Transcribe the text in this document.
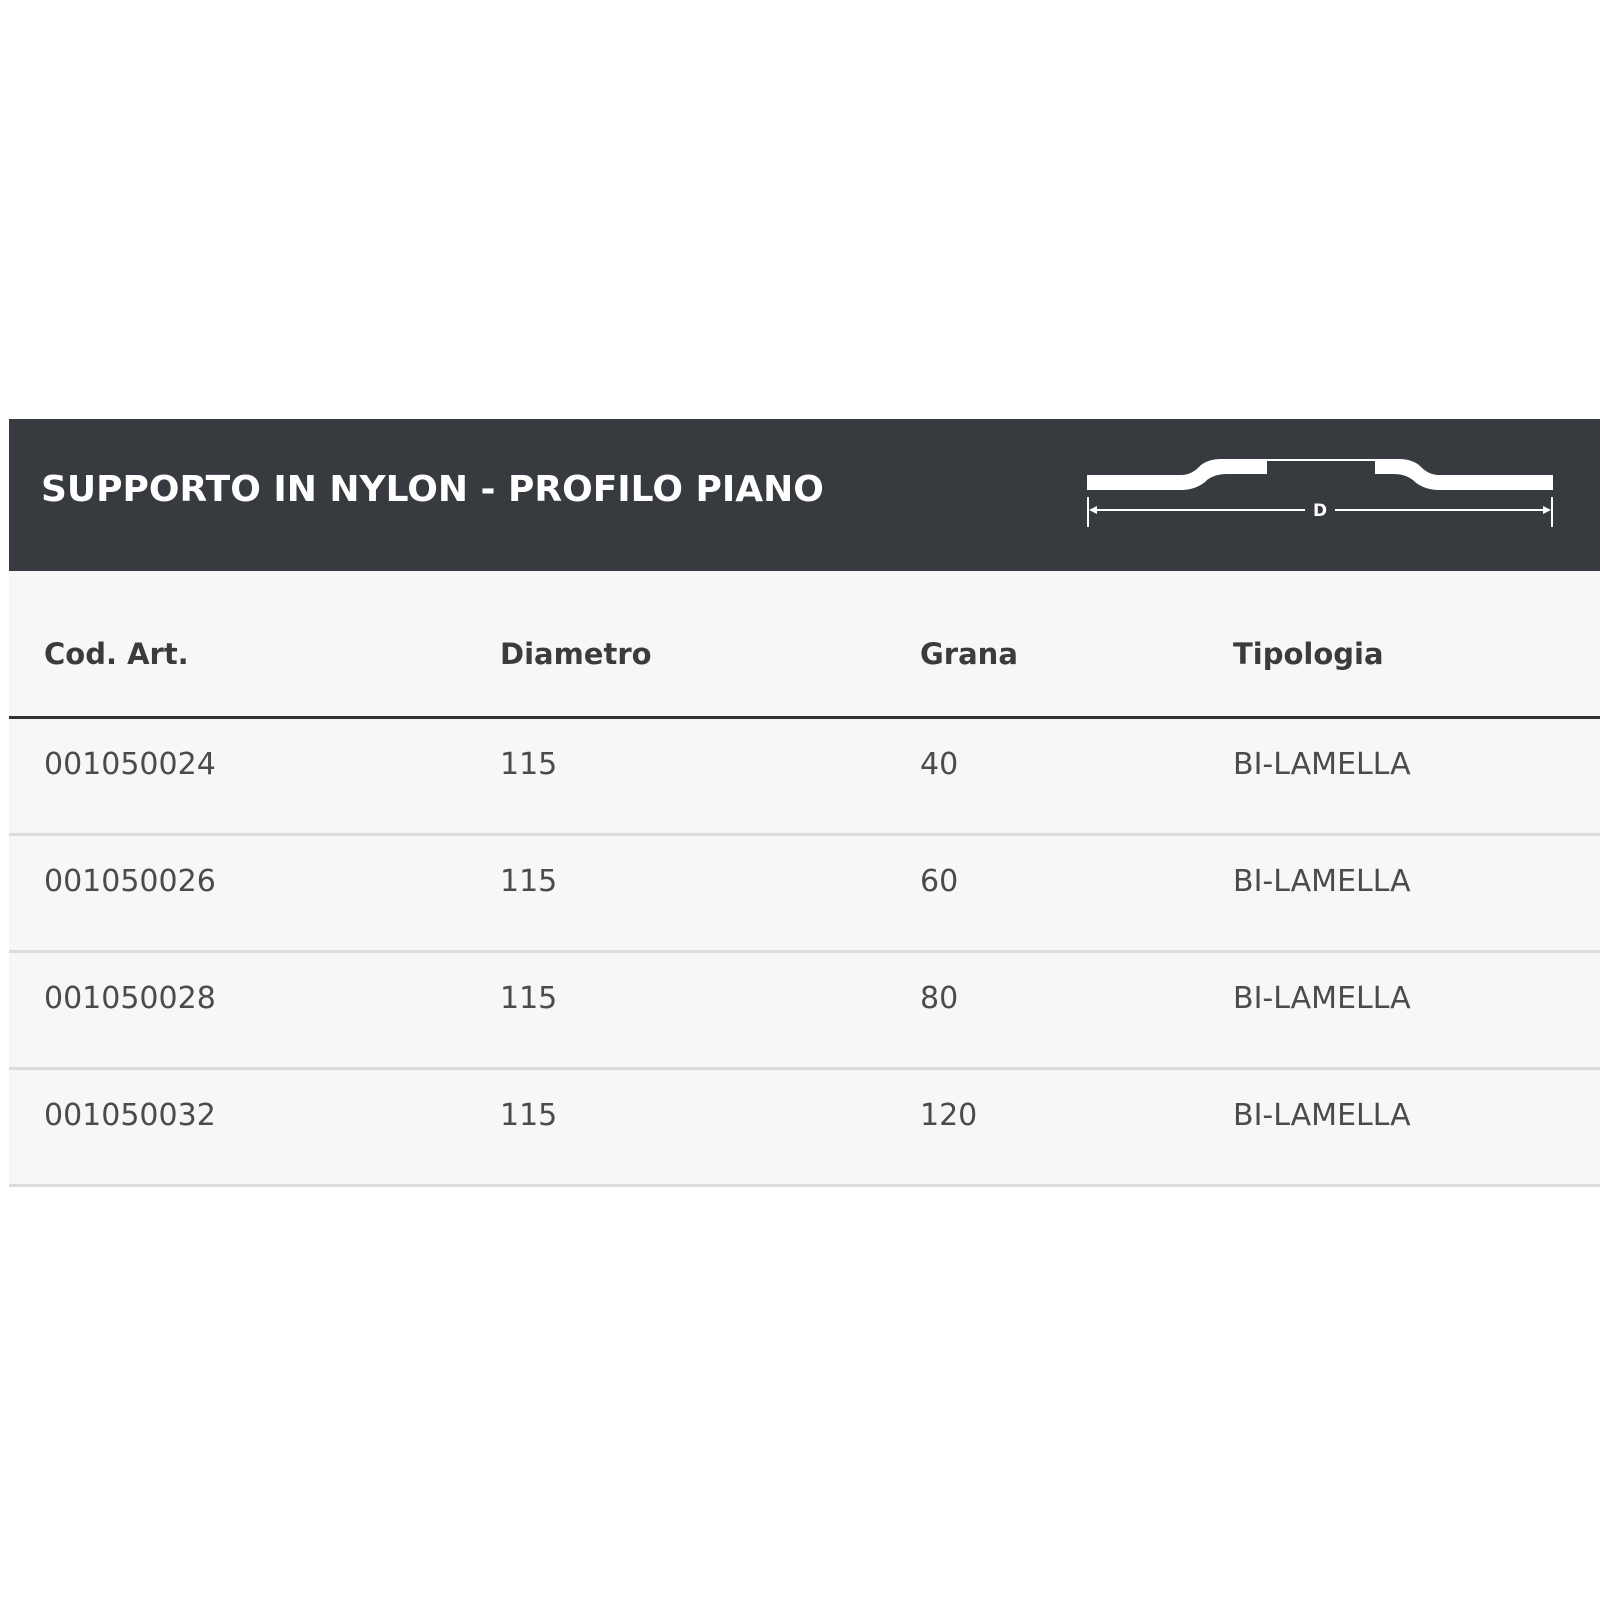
SUPPORTO IN NYLON - PROFILO PIANO
D
Cod. Art.	Diametro	Grana	Tipologia
001050024	115	40	BI-LAMELLA
001050026	115	60	BI-LAMELLA
001050028	115	80	BI-LAMELLA
001050032	115	120	BI-LAMELLA
